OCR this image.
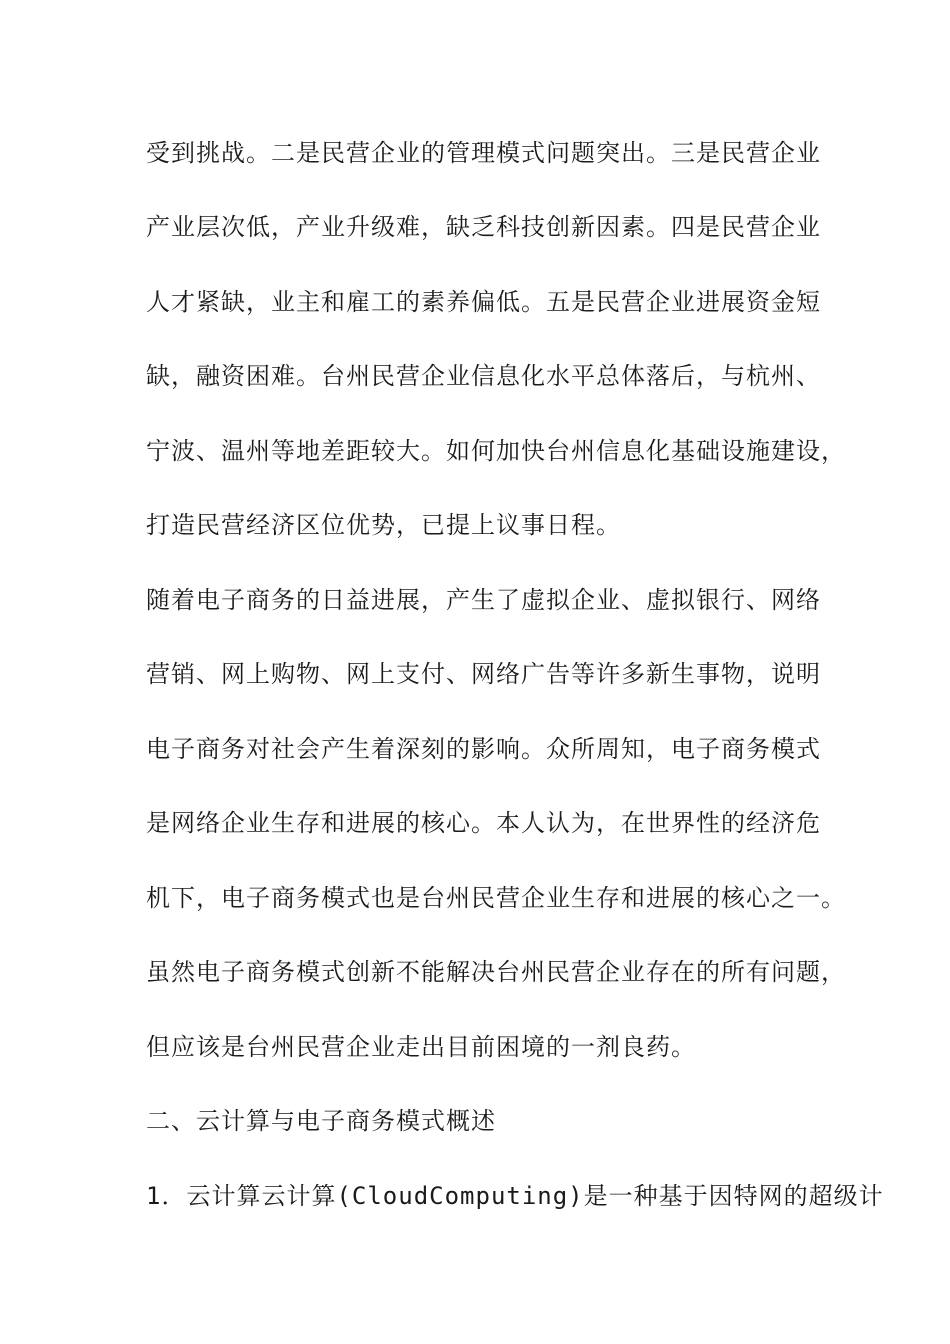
受到挑战。二是民营企业的管理模式问题突出。三是民营企业
产业层次低，产业升级难，缺乏科技创新因素。四是民营企业
人才紧缺，业主和雇工的素养偏低。五是民营企业进展资金短
缺，融资困难。台州民营企业信息化水平总体落后，与杭州、
宁波、温州等地差距较大。如何加快台州信息化基础设施建设，
打造民营经济区位优势，已提上议事日程。
随着电子商务的日益进展，产生了虚拟企业、虚拟银行、网络
营销、网上购物、网上支付、网络广告等许多新生事物，说明
电子商务对社会产生着深刻的影响。众所周知，电子商务模式
是网络企业生存和进展的核心。本人认为，在世界性的经济危
机下，电子商务模式也是台州民营企业生存和进展的核心之一。
虽然电子商务模式创新不能解决台州民营企业存在的所有问题，
但应该是台州民营企业走出目前困境的一剂良药。
二、云计算与电子商务模式概述
1．云计算云计算(CloudComputing)是一种基于因特网的超级计
